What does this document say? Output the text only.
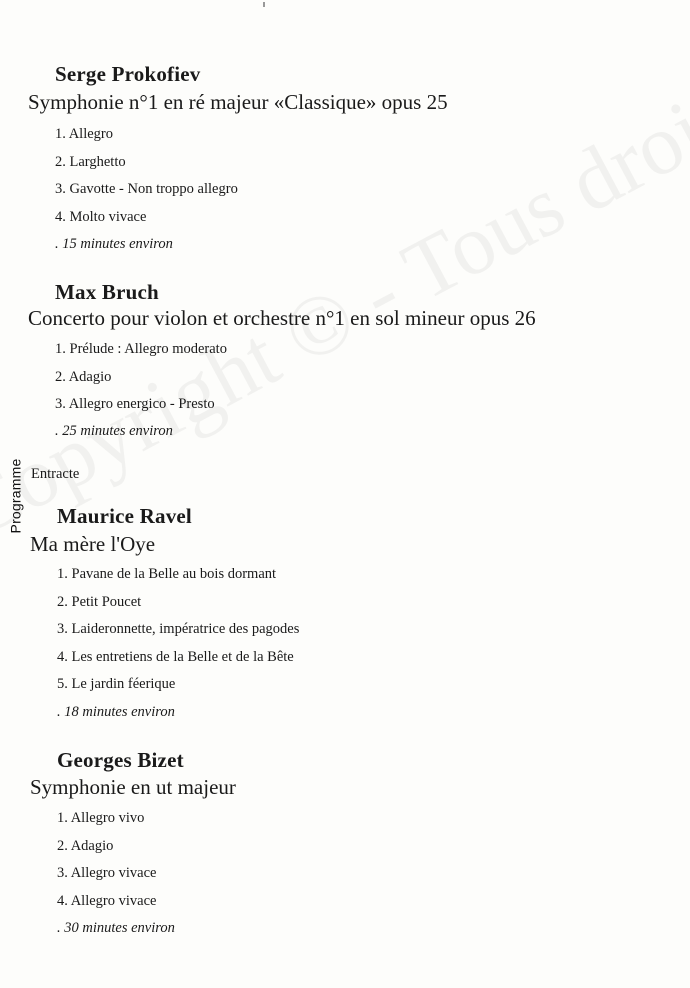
Programme
Serge Prokofiev
Symphonie n°1 en ré majeur «Classique» opus 25
1. Allegro
2. Larghetto
3. Gavotte - Non troppo allegro
4. Molto vivace
. 15 minutes environ
Max Bruch
Concerto pour violon et orchestre n°1 en sol mineur opus 26
1. Prélude : Allegro moderato
2. Adagio
3. Allegro energico - Presto
. 25 minutes environ
Entracte
Maurice Ravel
Ma mère l'Oye
1. Pavane de la Belle au bois dormant
2. Petit Poucet
3. Laideronnette, impératrice des pagodes
4. Les entretiens de la Belle et de la Bête
5. Le jardin féerique
. 18 minutes environ
Georges Bizet
Symphonie en ut majeur
1. Allegro vivo
2. Adagio
3. Allegro vivace
4. Allegro vivace
. 30 minutes environ
